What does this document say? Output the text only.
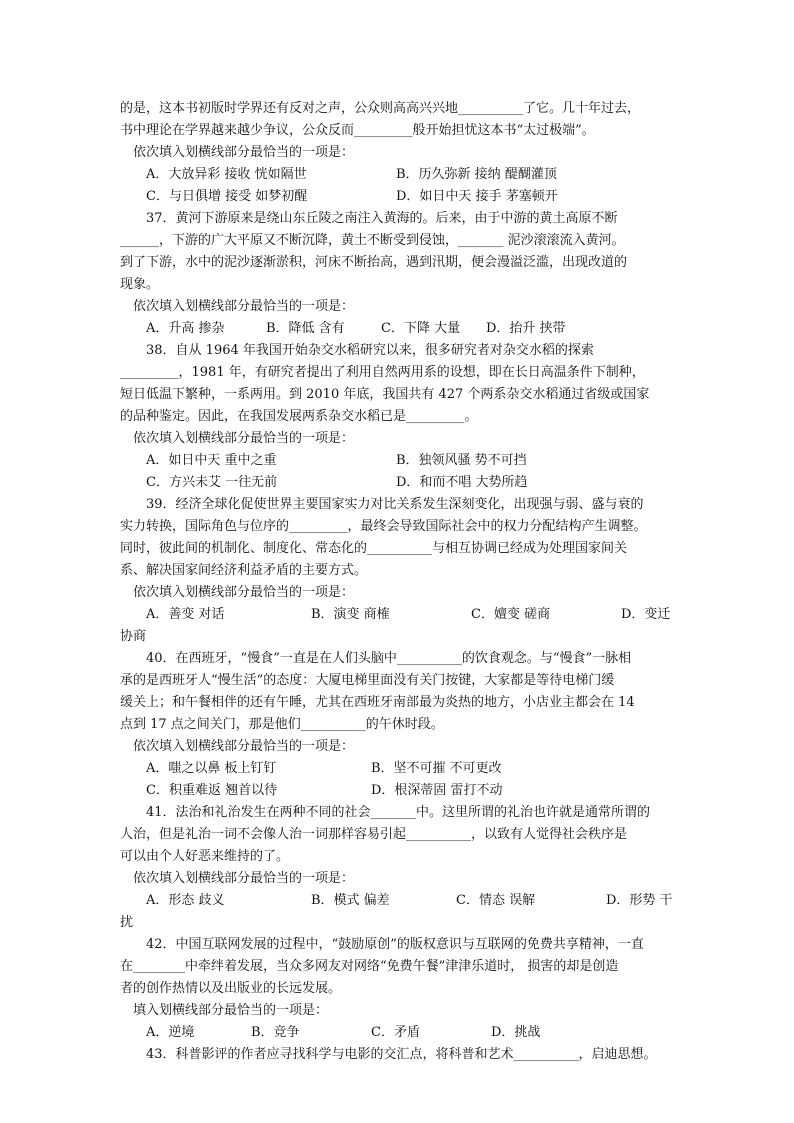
的是，这本书初版时学界还有反对之声，公众则高高兴兴地__________了它。几十年过去，
书中理论在学界越来越少争议，公众反而_________般开始担忧这本书“太过极端”。
依次填入划横线部分最恰当的一项是：
A．大放异彩 接收 恍如隔世	B．历久弥新 接纳 醍醐灌顶
C．与日俱增 接受 如梦初醒	D．如日中天 接手 茅塞顿开
37．黄河下游原来是绕山东丘陵之南注入黄海的。后来，由于中游的黄土高原不断
______，下游的广大平原又不断沉降，黄土不断受到侵蚀，_______ 泥沙滚滚流入黄河。
到了下游，水中的泥沙逐渐淤积，河床不断抬高，遇到汛期，便会漫溢泛滥，出现改道的
现象。
依次填入划横线部分最恰当的一项是：
A．升高 掺杂	B．降低 含有	C．下降 大量 D．抬升 挟带
38．自从 1964 年我国开始杂交水稻研究以来，很多研究者对杂交水稻的探索
_________，1981 年，有研究者提出了利用自然两用系的设想，即在长日高温条件下制种，
短日低温下繁种，一系两用。到 2010 年底，我国共有 427 个两系杂交水稻通过省级或国家
的品种鉴定。因此，在我国发展两系杂交水稻已是_________。
依次填入划横线部分最恰当的一项是：
A．如日中天 重中之重	B．独领风骚 势不可挡
C．方兴未艾 一往无前	D．和而不唱 大势所趋
39．经济全球化促使世界主要国家实力对比关系发生深刻变化，出现强与弱、盛与衰的
实力转换，国际角色与位序的_________，最终会导致国际社会中的权力分配结构产生调整。
同时，彼此间的机制化、制度化、常态化的__________与相互协调已经成为处理国家间关
系、解决国家间经济利益矛盾的主要方式。
依次填入划横线部分最恰当的一项是：
A．善变 对话	B．演变 商榷	C．嬗变 磋商	D．变迁
协商
40．在西班牙，“慢食”一直是在人们头脑中__________的饮食观念。与“慢食”一脉相
承的是西班牙人“慢生活”的态度：大厦电梯里面没有关门按键，大家都是等待电梯门缓
缓关上；和午餐相伴的还有午睡，尤其在西班牙南部最为炎热的地方，小店业主都会在 14
点到 17 点之间关门，那是他们__________的午休时段。
依次填入划横线部分最恰当的一项是：
A．嗤之以鼻 板上钉钉	B．坚不可摧 不可更改
C．积重难返 翘首以待	D．根深蒂固 雷打不动
41．法治和礼治发生在两种不同的社会_______中。这里所谓的礼治也许就是通常所谓的
人治，但是礼治一词不会像人治一词那样容易引起__________，以致有人觉得社会秩序是
可以由个人好恶来维持的了。
依次填入划横线部分最恰当的一项是：
A．形态 歧义	B．模式 偏差	C．情态 误解	D．形势 干
扰
42．中国互联网发展的过程中，“鼓励原创”的版权意识与互联网的免费共享精神，一直
在________中牵绊着发展，当众多网友对网络“免费午餐”津津乐道时， 损害的却是创造
者的创作热情以及出版业的长远发展。
填入划横线部分最恰当的一项是：
A．逆境	B．竞争	C．矛盾	D．挑战
43．科普影评的作者应寻找科学与电影的交汇点，将科普和艺术__________，启迪思想。
